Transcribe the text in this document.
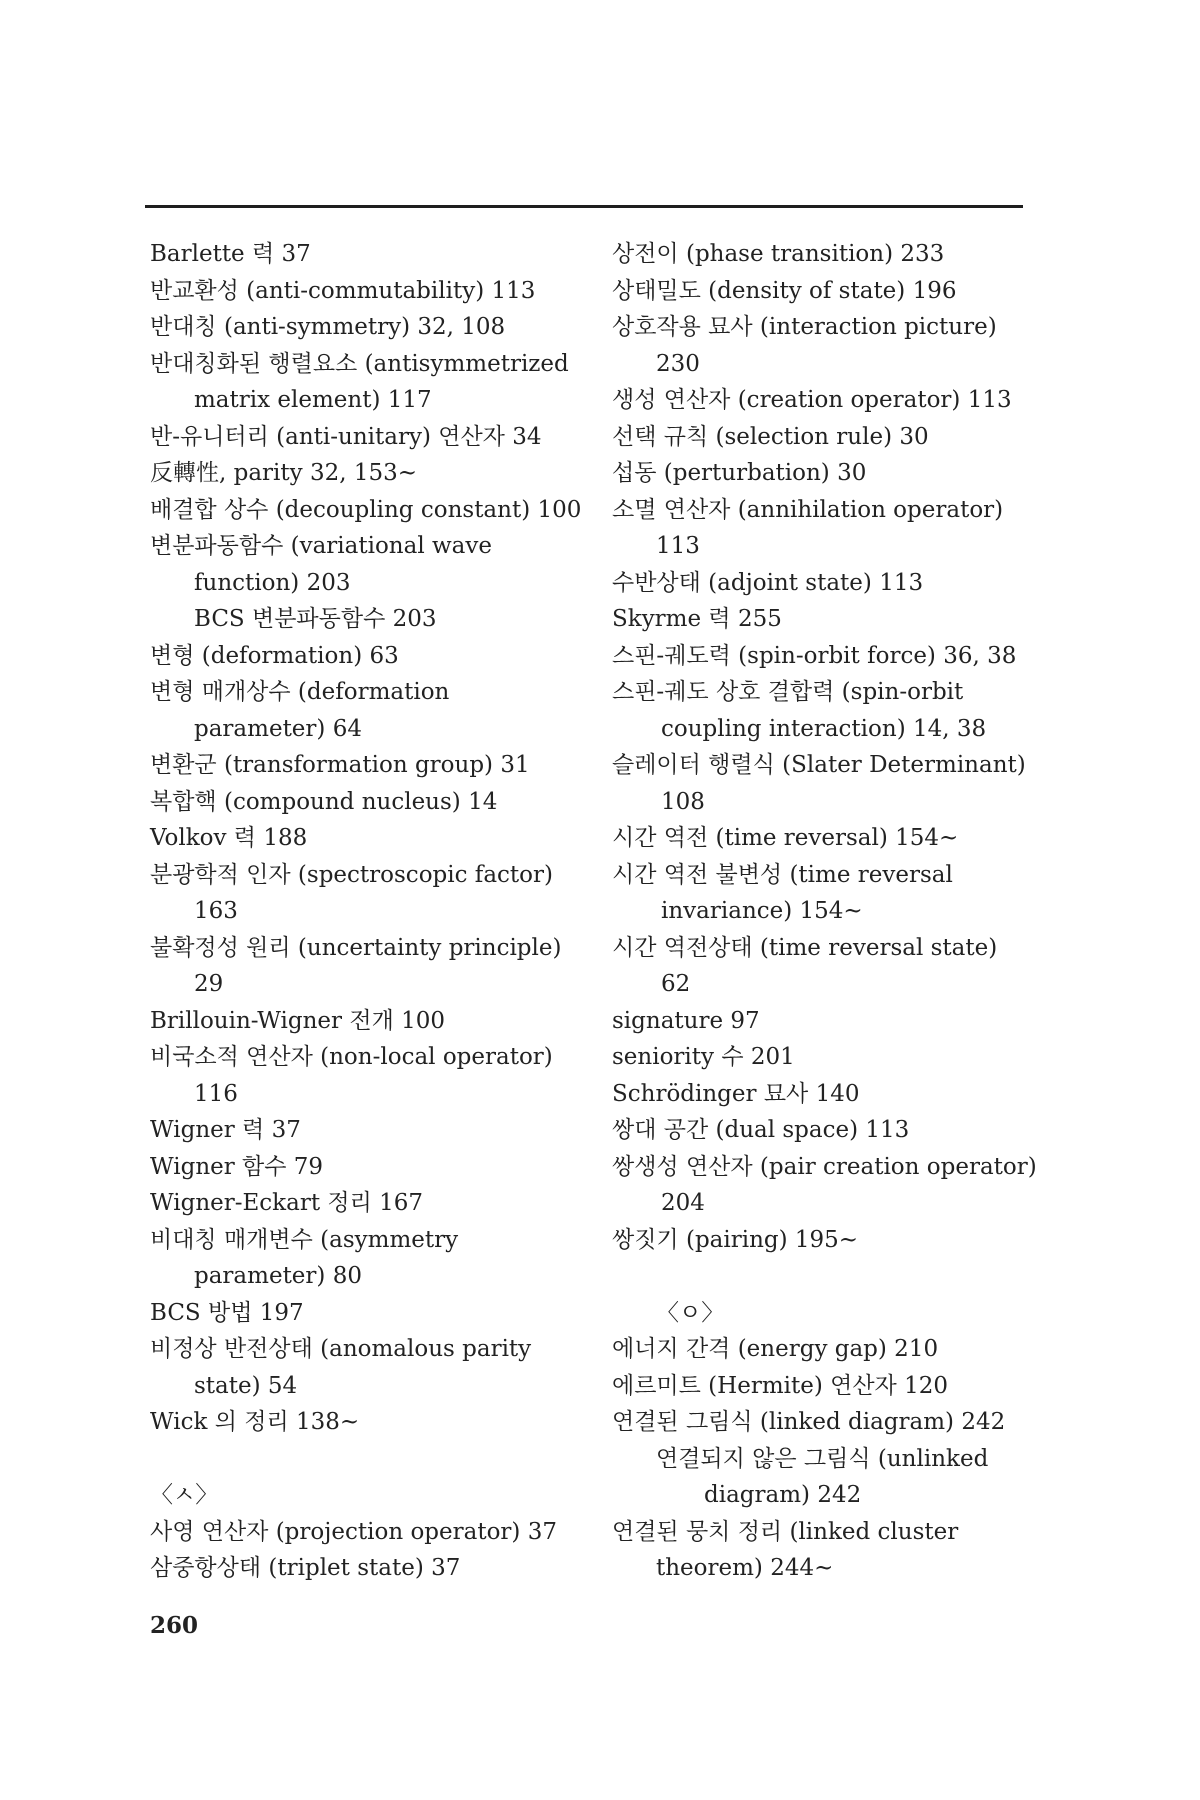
Barlette 력 37
반교환성 (anti-commutability) 113
반대칭 (anti-symmetry) 32, 108
반대칭화된 행렬요소 (antisymmetrized
matrix element) 117
반-유니터리 (anti-unitary) 연산자 34
反轉性, parity 32, 153~
배결합 상수 (decoupling constant) 100
변분파동함수 (variational wave
function) 203
BCS 변분파동함수 203
변형 (deformation) 63
변형 매개상수 (deformation
parameter) 64
변환군 (transformation group) 31
복합핵 (compound nucleus) 14
Volkov 력 188
분광학적 인자 (spectroscopic factor)
163
불확정성 원리 (uncertainty principle)
29
Brillouin-Wigner 전개 100
비국소적 연산자 (non-local operator)
116
Wigner 력 37
Wigner 함수 79
Wigner-Eckart 정리 167
비대칭 매개변수 (asymmetry
parameter) 80
BCS 방법 197
비정상 반전상태 (anomalous parity
state) 54
Wick 의 정리 138~
〈ㅅ〉
사영 연산자 (projection operator) 37
삼중항상태 (triplet state) 37
상전이 (phase transition) 233
상태밀도 (density of state) 196
상호작용 묘사 (interaction picture)
230
생성 연산자 (creation operator) 113
선택 규칙 (selection rule) 30
섭동 (perturbation) 30
소멸 연산자 (annihilation operator)
113
수반상태 (adjoint state) 113
Skyrme 력 255
스핀-궤도력 (spin-orbit force) 36, 38
스핀-궤도 상호 결합력 (spin-orbit
coupling interaction) 14, 38
슬레이터 행렬식 (Slater Determinant)
108
시간 역전 (time reversal) 154~
시간 역전 불변성 (time reversal
invariance) 154~
시간 역전상태 (time reversal state)
62
signature 97
seniority 수 201
Schrödinger 묘사 140
쌍대 공간 (dual space) 113
쌍생성 연산자 (pair creation operator)
204
쌍짓기 (pairing) 195~
〈ㅇ〉
에너지 간격 (energy gap) 210
에르미트 (Hermite) 연산자 120
연결된 그림식 (linked diagram) 242
연결되지 않은 그림식 (unlinked
diagram) 242
연결된 뭉치 정리 (linked cluster
theorem) 244~
260
